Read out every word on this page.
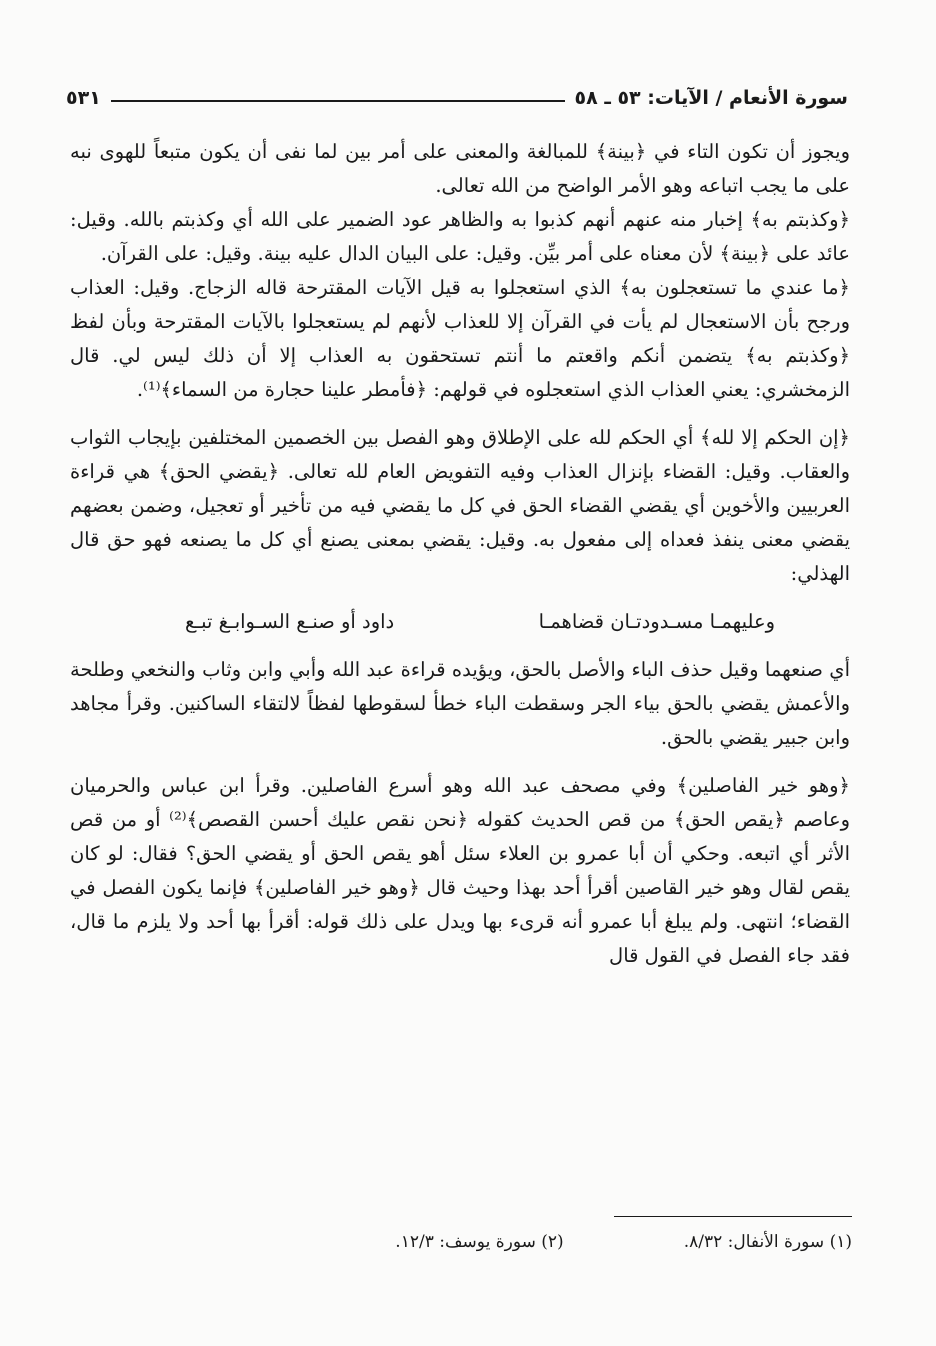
سورة الأنعام / الآيات: ٥٣ ـ ٥٨
٥٣١

ويجوز أن تكون التاء في ﴿بينة﴾ للمبالغة والمعنى على أمر بين لما نفى أن يكون متبعاً للهوى نبه على ما يجب اتباعه وهو الأمر الواضح من الله تعالى.

﴿وكذبتم به﴾ إخبار منه عنهم أنهم كذبوا به والظاهر عود الضمير على الله أي وكذبتم بالله. وقيل: عائد على ﴿بينة﴾ لأن معناه على أمر بيِّن. وقيل: على البيان الدال عليه بينة. وقيل: على القرآن.

﴿ما عندي ما تستعجلون به﴾ الذي استعجلوا به قيل الآيات المقترحة قاله الزجاج. وقيل: العذاب ورجح بأن الاستعجال لم يأت في القرآن إلا للعذاب لأنهم لم يستعجلوا بالآيات المقترحة وبأن لفظ ﴿وكذبتم به﴾ يتضمن أنكم واقعتم ما أنتم تستحقون به العذاب إلا أن ذلك ليس لي. قال الزمخشري: يعني العذاب الذي استعجلوه في قولهم: ﴿فأمطر علينا حجارة من السماء﴾⁽¹⁾.

﴿إن الحكم إلا لله﴾ أي الحكم لله على الإطلاق وهو الفصل بين الخصمين المختلفين بإيجاب الثواب والعقاب. وقيل: القضاء بإنزال العذاب وفيه التفويض العام لله تعالى. ﴿يقضي الحق﴾ هي قراءة العربيين والأخوين أي يقضي القضاء الحق في كل ما يقضي فيه من تأخير أو تعجيل، وضمن بعضهم يقضي معنى ينفذ فعداه إلى مفعول به. وقيل: يقضي بمعنى يصنع أي كل ما يصنعه فهو حق قال الهذلي:

وعليهمـا مسـدودتـان قضاهمـا
داود أو صنـع السـوابـغ تبـع

أي صنعهما وقيل حذف الباء والأصل بالحق، ويؤيده قراءة عبد الله وأبي وابن وثاب والنخعي وطلحة والأعمش يقضي بالحق بياء الجر وسقطت الباء خطأ لسقوطها لفظاً لالتقاء الساكنين. وقرأ مجاهد وابن جبير يقضي بالحق.

﴿وهو خير الفاصلين﴾ وفي مصحف عبد الله وهو أسرع الفاصلين. وقرأ ابن عباس والحرميان وعاصم ﴿يقص الحق﴾ من قص الحديث كقوله ﴿نحن نقص عليك أحسن القصص﴾⁽²⁾ أو من قص الأثر أي اتبعه. وحكي أن أبا عمرو بن العلاء سئل أهو يقص الحق أو يقضي الحق؟ فقال: لو كان يقص لقال وهو خير القاصين أقرأ أحد بهذا وحيث قال ﴿وهو خير الفاصلين﴾ فإنما يكون الفصل في القضاء؛ انتهى. ولم يبلغ أبا عمرو أنه قرىء بها ويدل على ذلك قوله: أقرأ بها أحد ولا يلزم ما قال، فقد جاء الفصل في القول قال

(١) سورة الأنفال: ٨/٣٢.
(٢) سورة يوسف: ١٢/٣.
